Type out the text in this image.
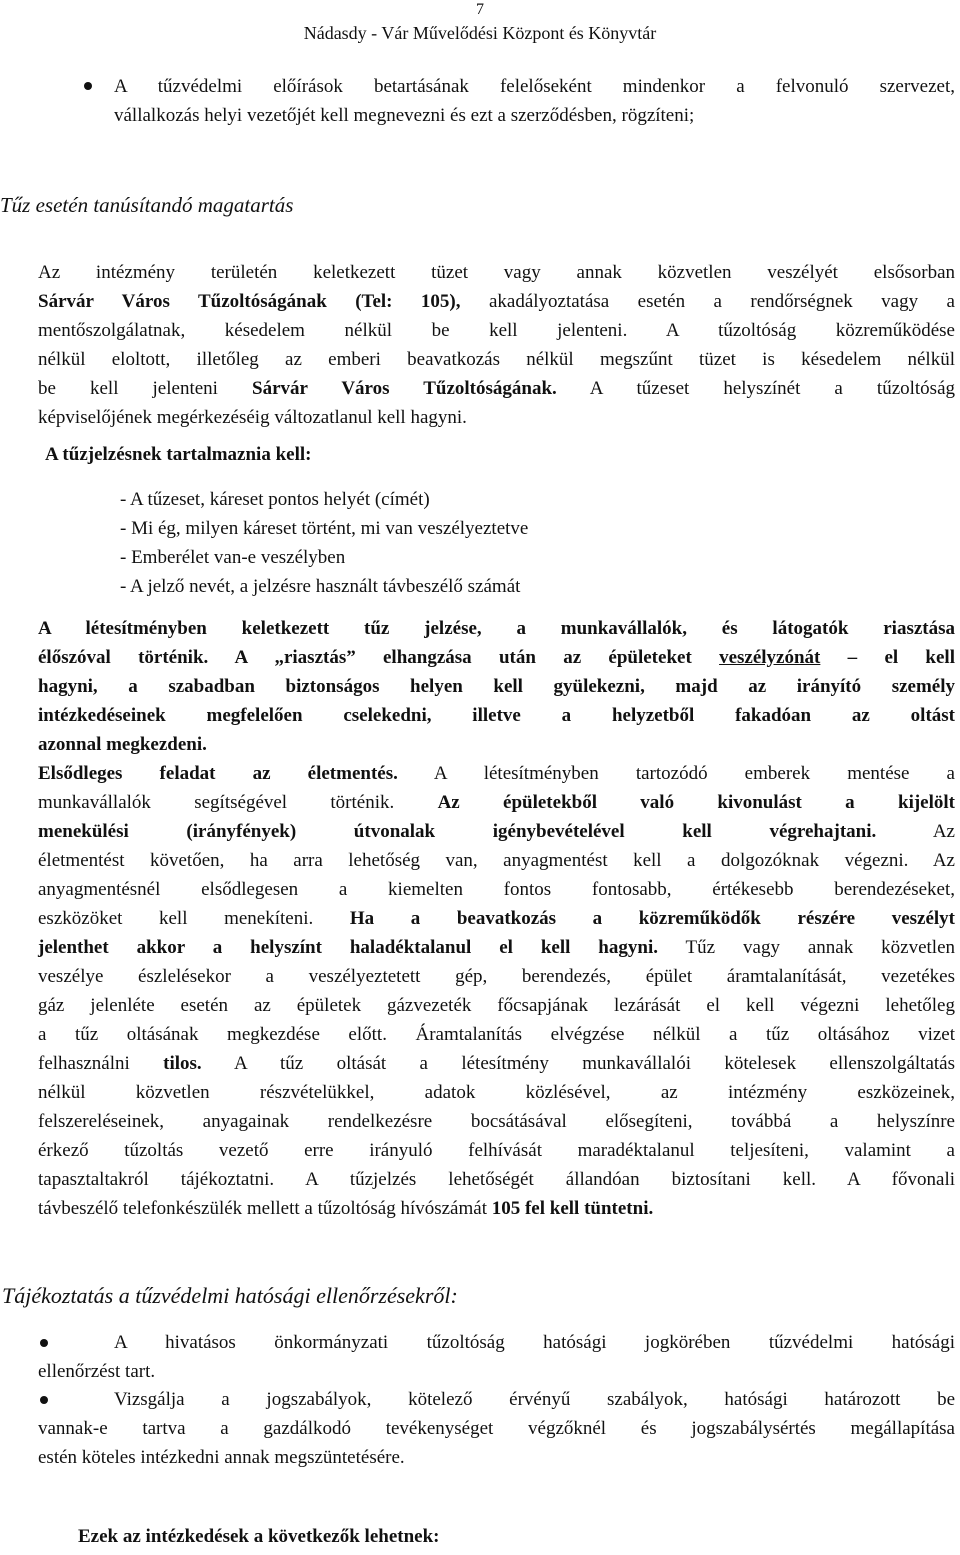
7
Nádasdy - Vár Művelődési Központ és Könyvtár
A tűzvédelmi előírások betartásának felelőseként mindenkor a felvonuló szervezet,
vállalkozás helyi vezetőjét kell megnevezni és ezt a szerződésben, rögzíteni;
Tűz esetén tanúsítandó magatartás
Az intézmény területén keletkezett tüzet vagy annak közvetlen veszélyét elsősorban
Sárvár Város Tűzoltóságának (Tel: 105), akadályoztatása esetén a rendőrségnek vagy a
mentőszolgálatnak, késedelem nélkül be kell jelenteni. A tűzoltóság közreműködése
nélkül eloltott, illetőleg az emberi beavatkozás nélkül megszűnt tüzet is késedelem nélkül
be kell jelenteni Sárvár Város Tűzoltóságának. A tűzeset helyszínét a tűzoltóság
képviselőjének megérkezéséig változatlanul kell hagyni.
A tűzjelzésnek tartalmaznia kell:
- A tűzeset, káreset pontos helyét (címét)
- Mi ég, milyen káreset történt, mi van veszélyeztetve
- Emberélet van-e veszélyben
- A jelző nevét, a jelzésre használt távbeszélő számát
A létesítményben keletkezett tűz jelzése, a munkavállalók, és látogatók riasztása
élőszóval történik. A „riasztás” elhangzása után az épületeket veszélyzónát – el kell
hagyni, a szabadban biztonságos helyen kell gyülekezni, majd az irányító személy
intézkedéseinek megfelelően cselekedni, illetve a helyzetből fakadóan az oltást
azonnal megkezdeni.
Elsődleges feladat az életmentés. A létesítményben tartozódó emberek mentése a
munkavállalók segítségével történik. Az épületekből való kivonulást a kijelölt
menekülési (irányfények) útvonalak igénybevételével kell végrehajtani. Az
életmentést követően, ha arra lehetőség van, anyagmentést kell a dolgozóknak végezni. Az
anyagmentésnél elsődlegesen a kiemelten fontos fontosabb, értékesebb berendezéseket,
eszközöket kell menekíteni. Ha a beavatkozás a közreműködők részére veszélyt
jelenthet akkor a helyszínt haladéktalanul el kell hagyni. Tűz vagy annak közvetlen
veszélye észlelésekor a veszélyeztetett gép, berendezés, épület áramtalanítását, vezetékes
gáz jelenléte esetén az épületek gázvezeték főcsapjának lezárását el kell végezni lehetőleg
a tűz oltásának megkezdése előtt. Áramtalanítás elvégzése nélkül a tűz oltásához vizet
felhasználni tilos. A tűz oltását a létesítmény munkavállalói kötelesek ellenszolgáltatás
nélkül közvetlen részvételükkel, adatok közlésével, az intézmény eszközeinek,
felszereléseinek, anyagainak rendelkezésre bocsátásával elősegíteni, továbbá a helyszínre
érkező tűzoltás vezető erre irányuló felhívását maradéktalanul teljesíteni, valamint a
tapasztaltakról tájékoztatni. A tűzjelzés lehetőségét állandóan biztosítani kell. A fővonali
távbeszélő telefonkészülék mellett a tűzoltóság hívószámát 105 fel kell tüntetni.
Tájékoztatás a tűzvédelmi hatósági ellenőrzésekről:
A hivatásos önkormányzati tűzoltóság hatósági jogkörében tűzvédelmi hatósági
ellenőrzést tart.
Vizsgálja a jogszabályok, kötelező érvényű szabályok, hatósági határozott be
vannak-e tartva a gazdálkodó tevékenységet végzőknél és jogszabálysértés megállapítása
estén köteles intézkedni annak megszüntetésére.
Ezek az intézkedések a következők lehetnek:
